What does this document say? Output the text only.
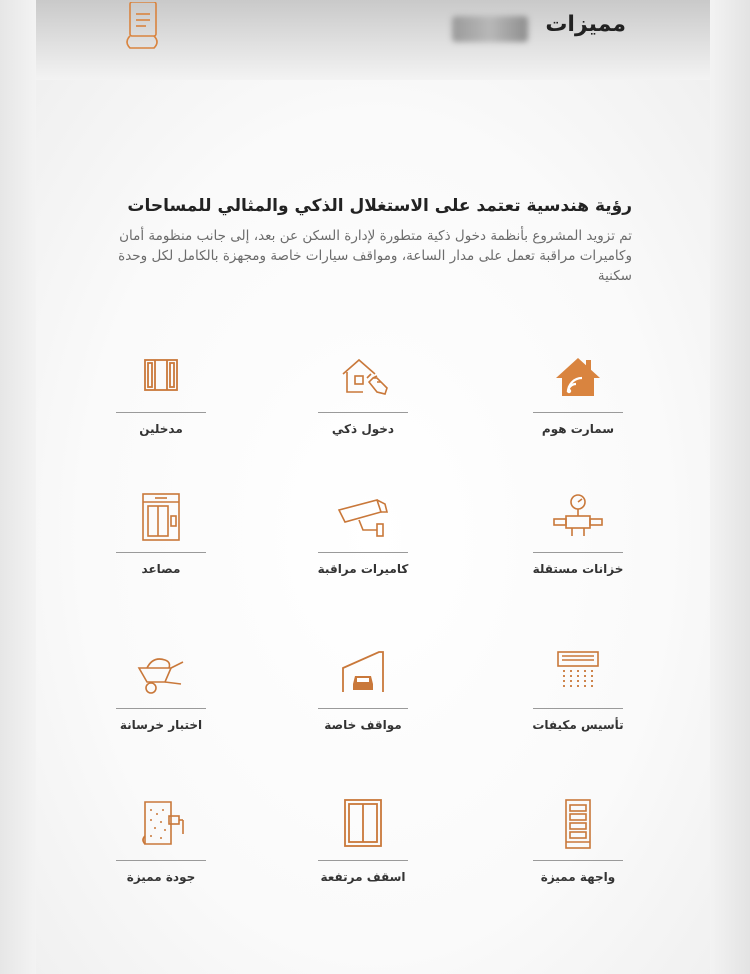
مميزات
رؤية هندسية تعتمد على الاستغلال الذكي والمثالي للمساحات
تم تزويد المشروع بأنظمة دخول ذكية متطورة لإدارة السكن عن بعد، إلى جانب منظومة أمان وكاميرات مراقبة تعمل على مدار الساعة، ومواقف سيارات خاصة ومجهزة بالكامل لكل وحدة سكنية
سمارت هوم
دخول ذكي
مدخلين
خزانات مستقلة
كاميرات مراقبة
مصاعد
تأسيس مكيفات
مواقف خاصة
اختبار خرسانة
واجهة مميزة
اسقف مرتفعة
جودة مميزة
